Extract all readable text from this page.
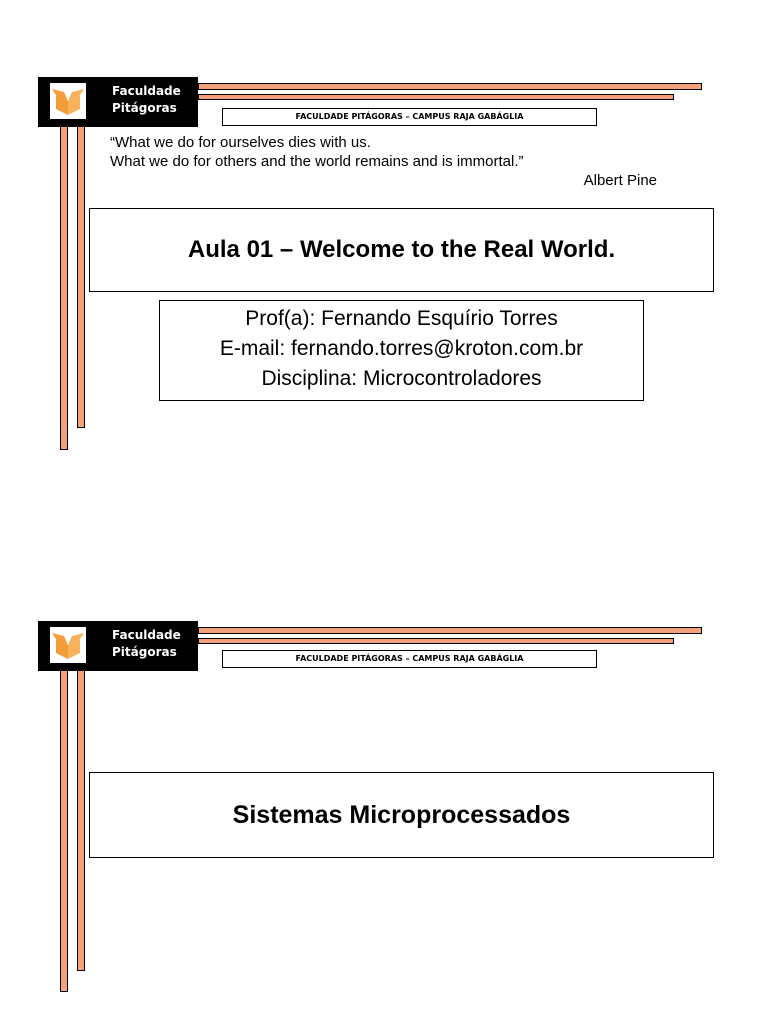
Faculdade
Pitágoras
FACULDADE PITÁGORAS – CAMPUS RAJA GABÁGLIA
“What we do for ourselves dies with us.
What we do for others and the world remains and is immortal.”
Albert Pine
Aula 01 – Welcome to the Real World.
Prof(a): Fernando Esquírio Torres
E-mail: fernando.torres@kroton.com.br
Disciplina: Microcontroladores
Faculdade
Pitágoras	FACULDADE PITÁGORAS – CAMPUS RAJA GABÁGLIA
Sistemas Microprocessados
